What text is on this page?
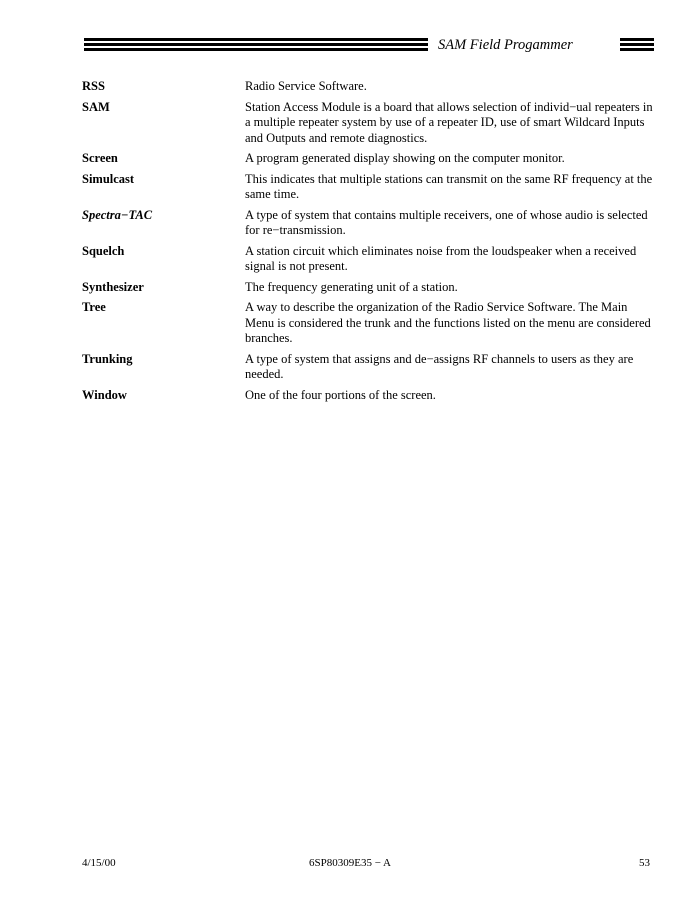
SAM Field Progammer
RSS	Radio Service Software.
SAM	Station Access Module is a board that allows selection of individ−ual repeaters in a multiple repeater system by use of a repeater ID, use of smart Wildcard Inputs and Outputs and remote diagnostics.
Screen	A program generated display showing on the computer monitor.
Simulcast	This indicates that multiple stations can transmit on the same RF frequency at the same time.
Spectra−TAC	A type of system that contains multiple receivers, one of whose audio is selected for re−transmission.
Squelch	A station circuit which eliminates noise from the loudspeaker when a received signal is not present.
Synthesizer	The frequency generating unit of a station.
Tree	A way to describe the organization of the Radio Service Software. The Main Menu is considered the trunk and the functions listed on the menu are considered branches.
Trunking	A type of system that assigns and de−assigns RF channels to users as they are needed.
Window	One of the four portions of the screen.
4/15/00	6SP80309E35 − A	53
